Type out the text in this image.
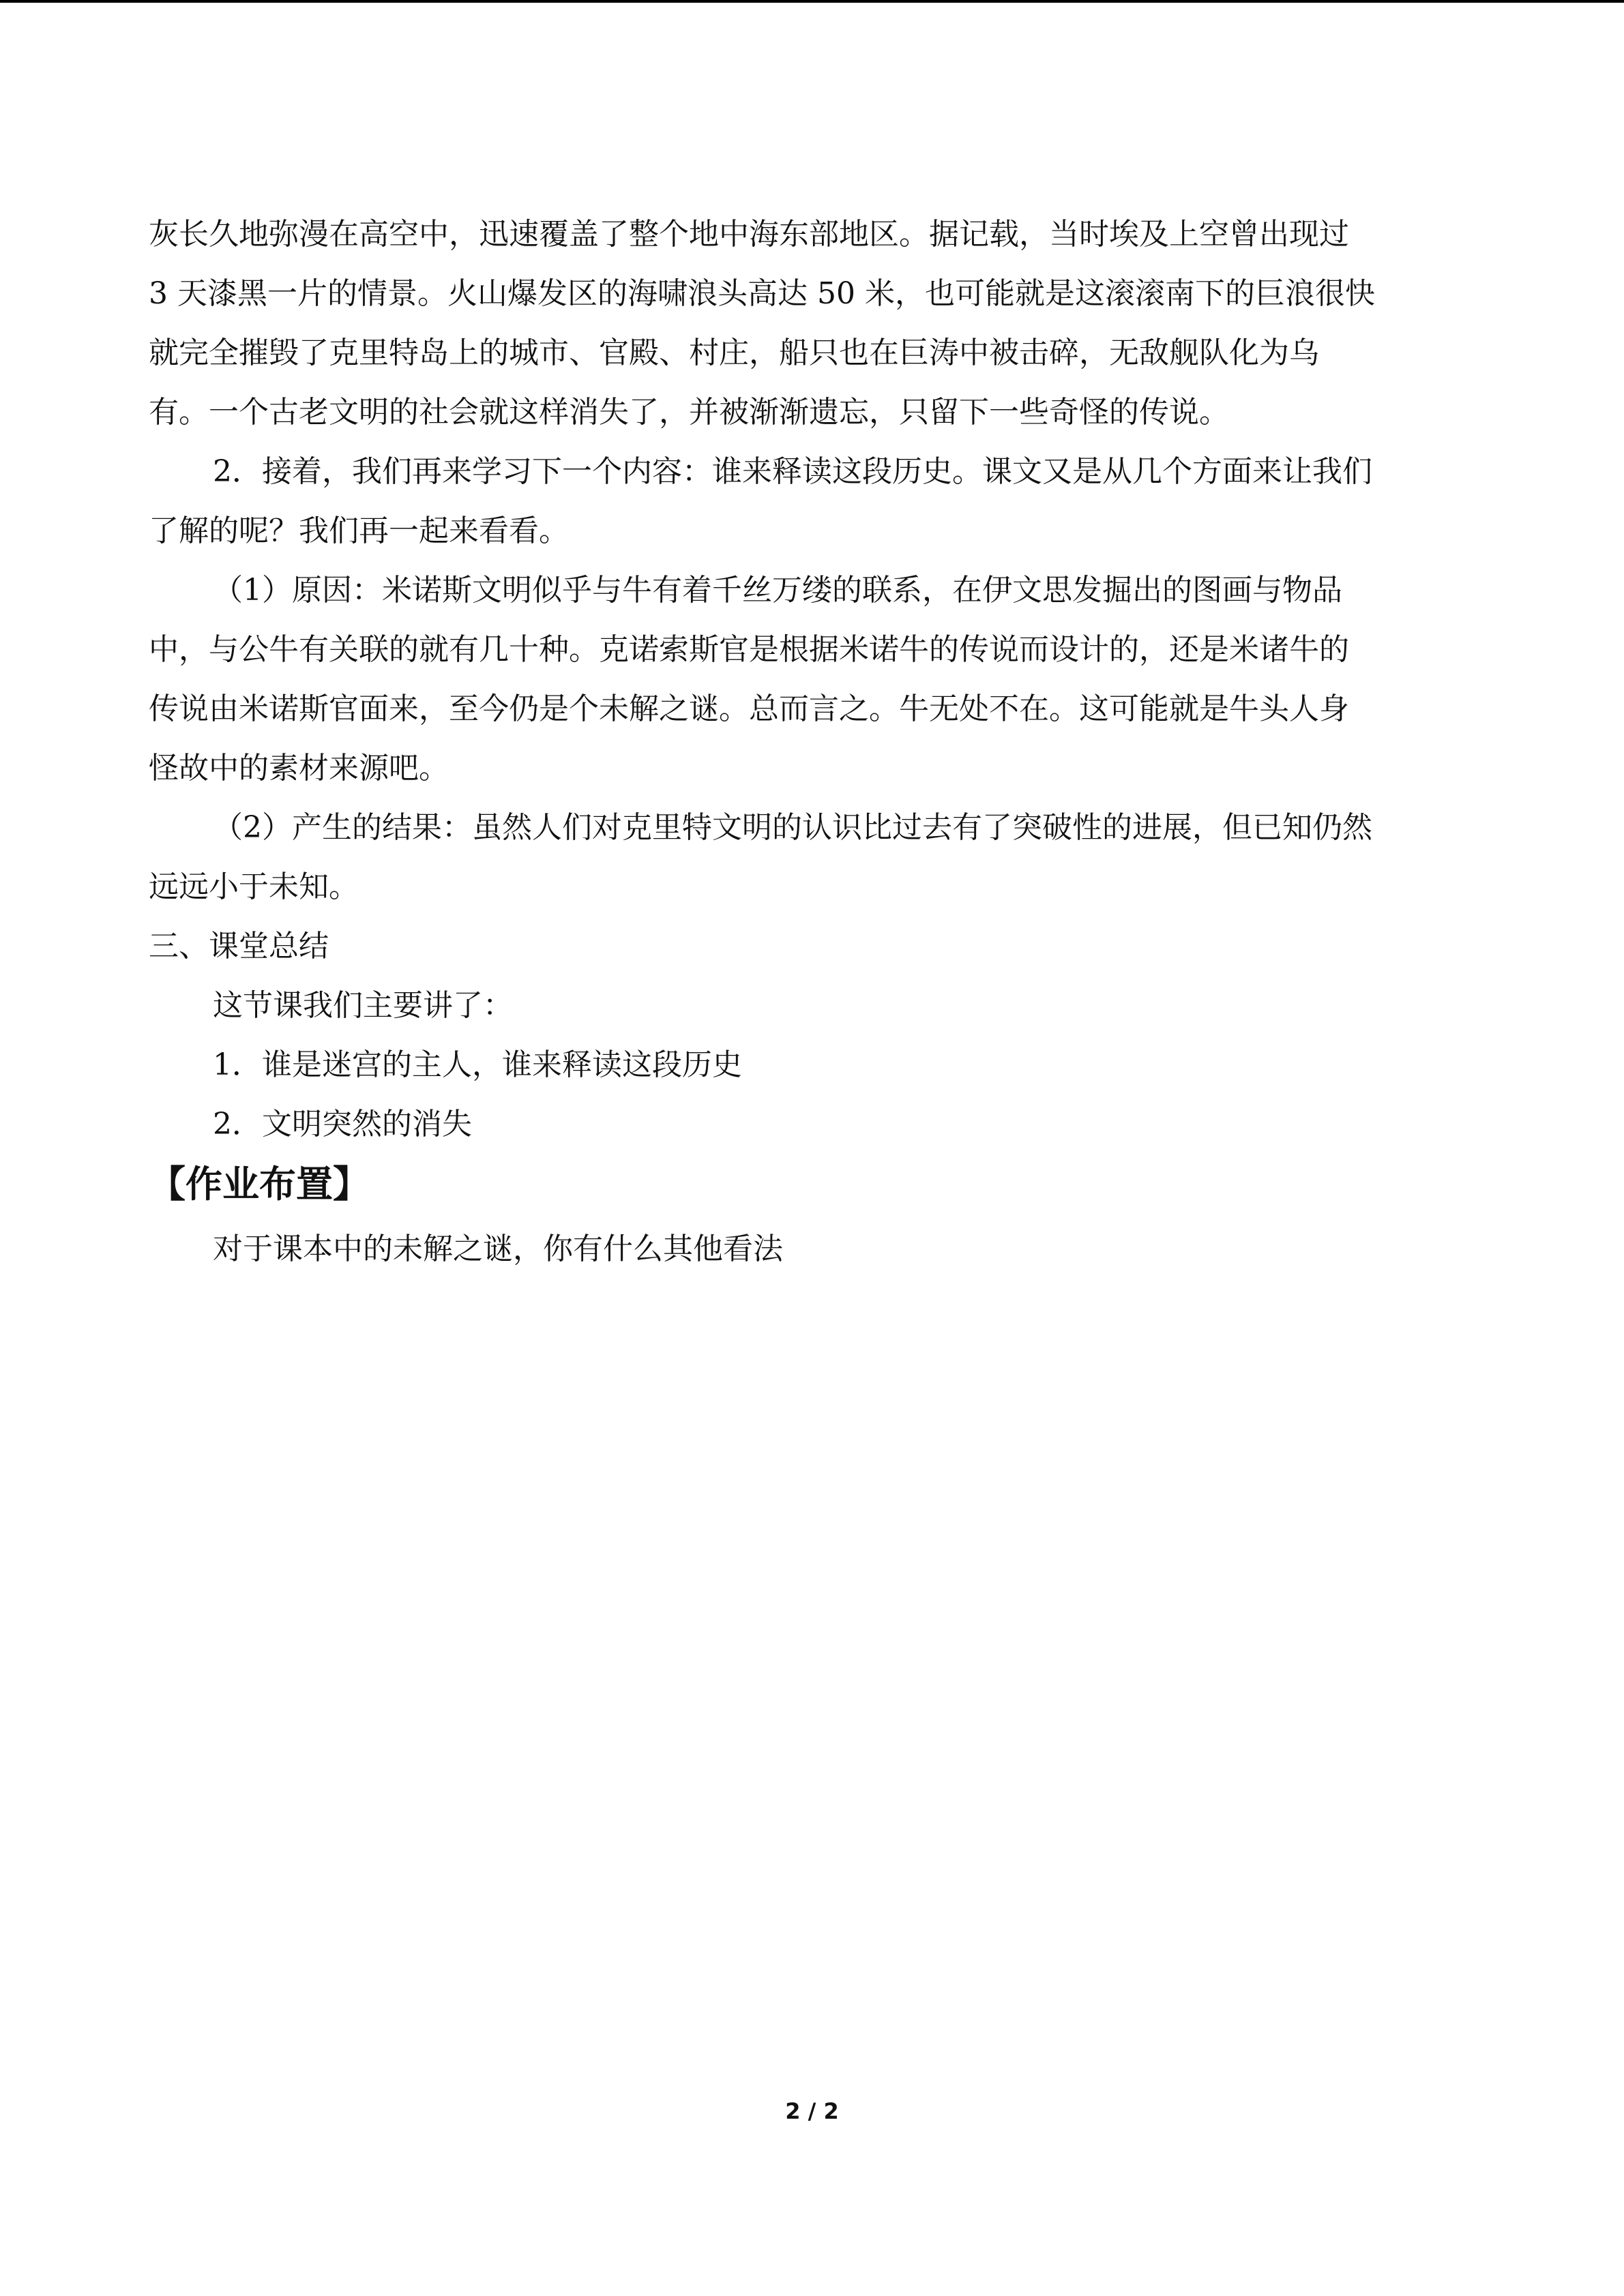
灰长久地弥漫在高空中，迅速覆盖了整个地中海东部地区。据记载，当时埃及上空曾出现过

3 天漆黑一片的情景。火山爆发区的海啸浪头高达 50 米，也可能就是这滚滚南下的巨浪很快

就完全摧毁了克里特岛上的城市、官殿、村庄，船只也在巨涛中被击碎，无敌舰队化为乌

有。一个古老文明的社会就这样消失了，并被渐渐遗忘，只留下一些奇怪的传说。

2．接着，我们再来学习下一个内容：谁来释读这段历史。课文又是从几个方面来让我们

了解的呢？我们再一起来看看。

（1）原因：米诺斯文明似乎与牛有着千丝万缕的联系，在伊文思发掘出的图画与物品

中，与公牛有关联的就有几十种。克诺索斯官是根据米诺牛的传说而设计的，还是米诸牛的

传说由米诺斯官面来，至今仍是个未解之谜。总而言之。牛无处不在。这可能就是牛头人身

怪故中的素材来源吧。

（2）产生的结果：虽然人们对克里特文明的认识比过去有了突破性的进展，但已知仍然

远远小于未知。

三、课堂总结

这节课我们主要讲了：

1．谁是迷宫的主人，谁来释读这段历史

2．文明突然的消失

【作业布置】

对于课本中的未解之谜，你有什么其他看法

2 / 2
